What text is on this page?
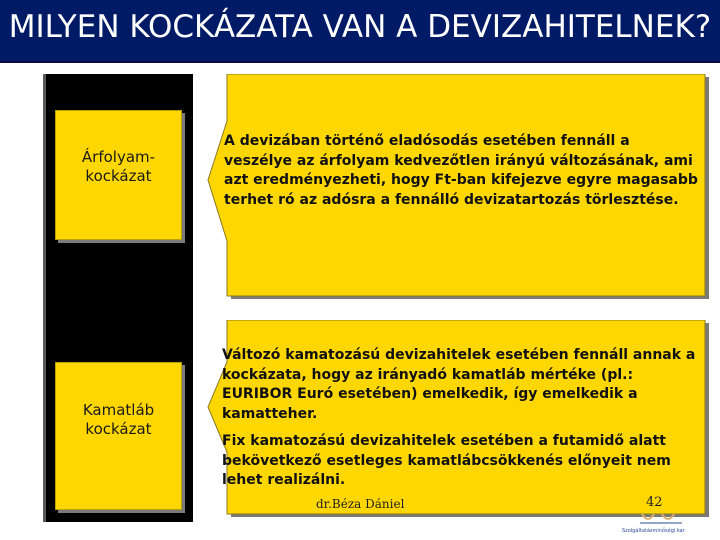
MILYEN KOCKÁZATA VAN A DEVIZAHITELNEK?
Árfolyam-
kockázat
Kamatláb
kockázat
A devizában történő eladósodás esetében fennáll a veszélye az árfolyam kedvezőtlen irányú változásának, ami azt eredményezheti, hogy Ft-ban kifejezve egyre magasabb terhet ró az adósra a fennálló devizatartozás törlesztése.
Változó kamatozású devizahitelek esetében fennáll annak a kockázata, hogy az irányadó kamatláb mértéke (pl.: EURIBOR Euró esetében) emelkedik, így emelkedik a kamatteher.
Fix kamatozású devizahitelek esetében a futamidő alatt bekövetkező esetleges kamatlábcsökkenés előnyeit nem lehet realizálni.
dr.Béza Dániel	42
Szolgáltatásminőségi kar
